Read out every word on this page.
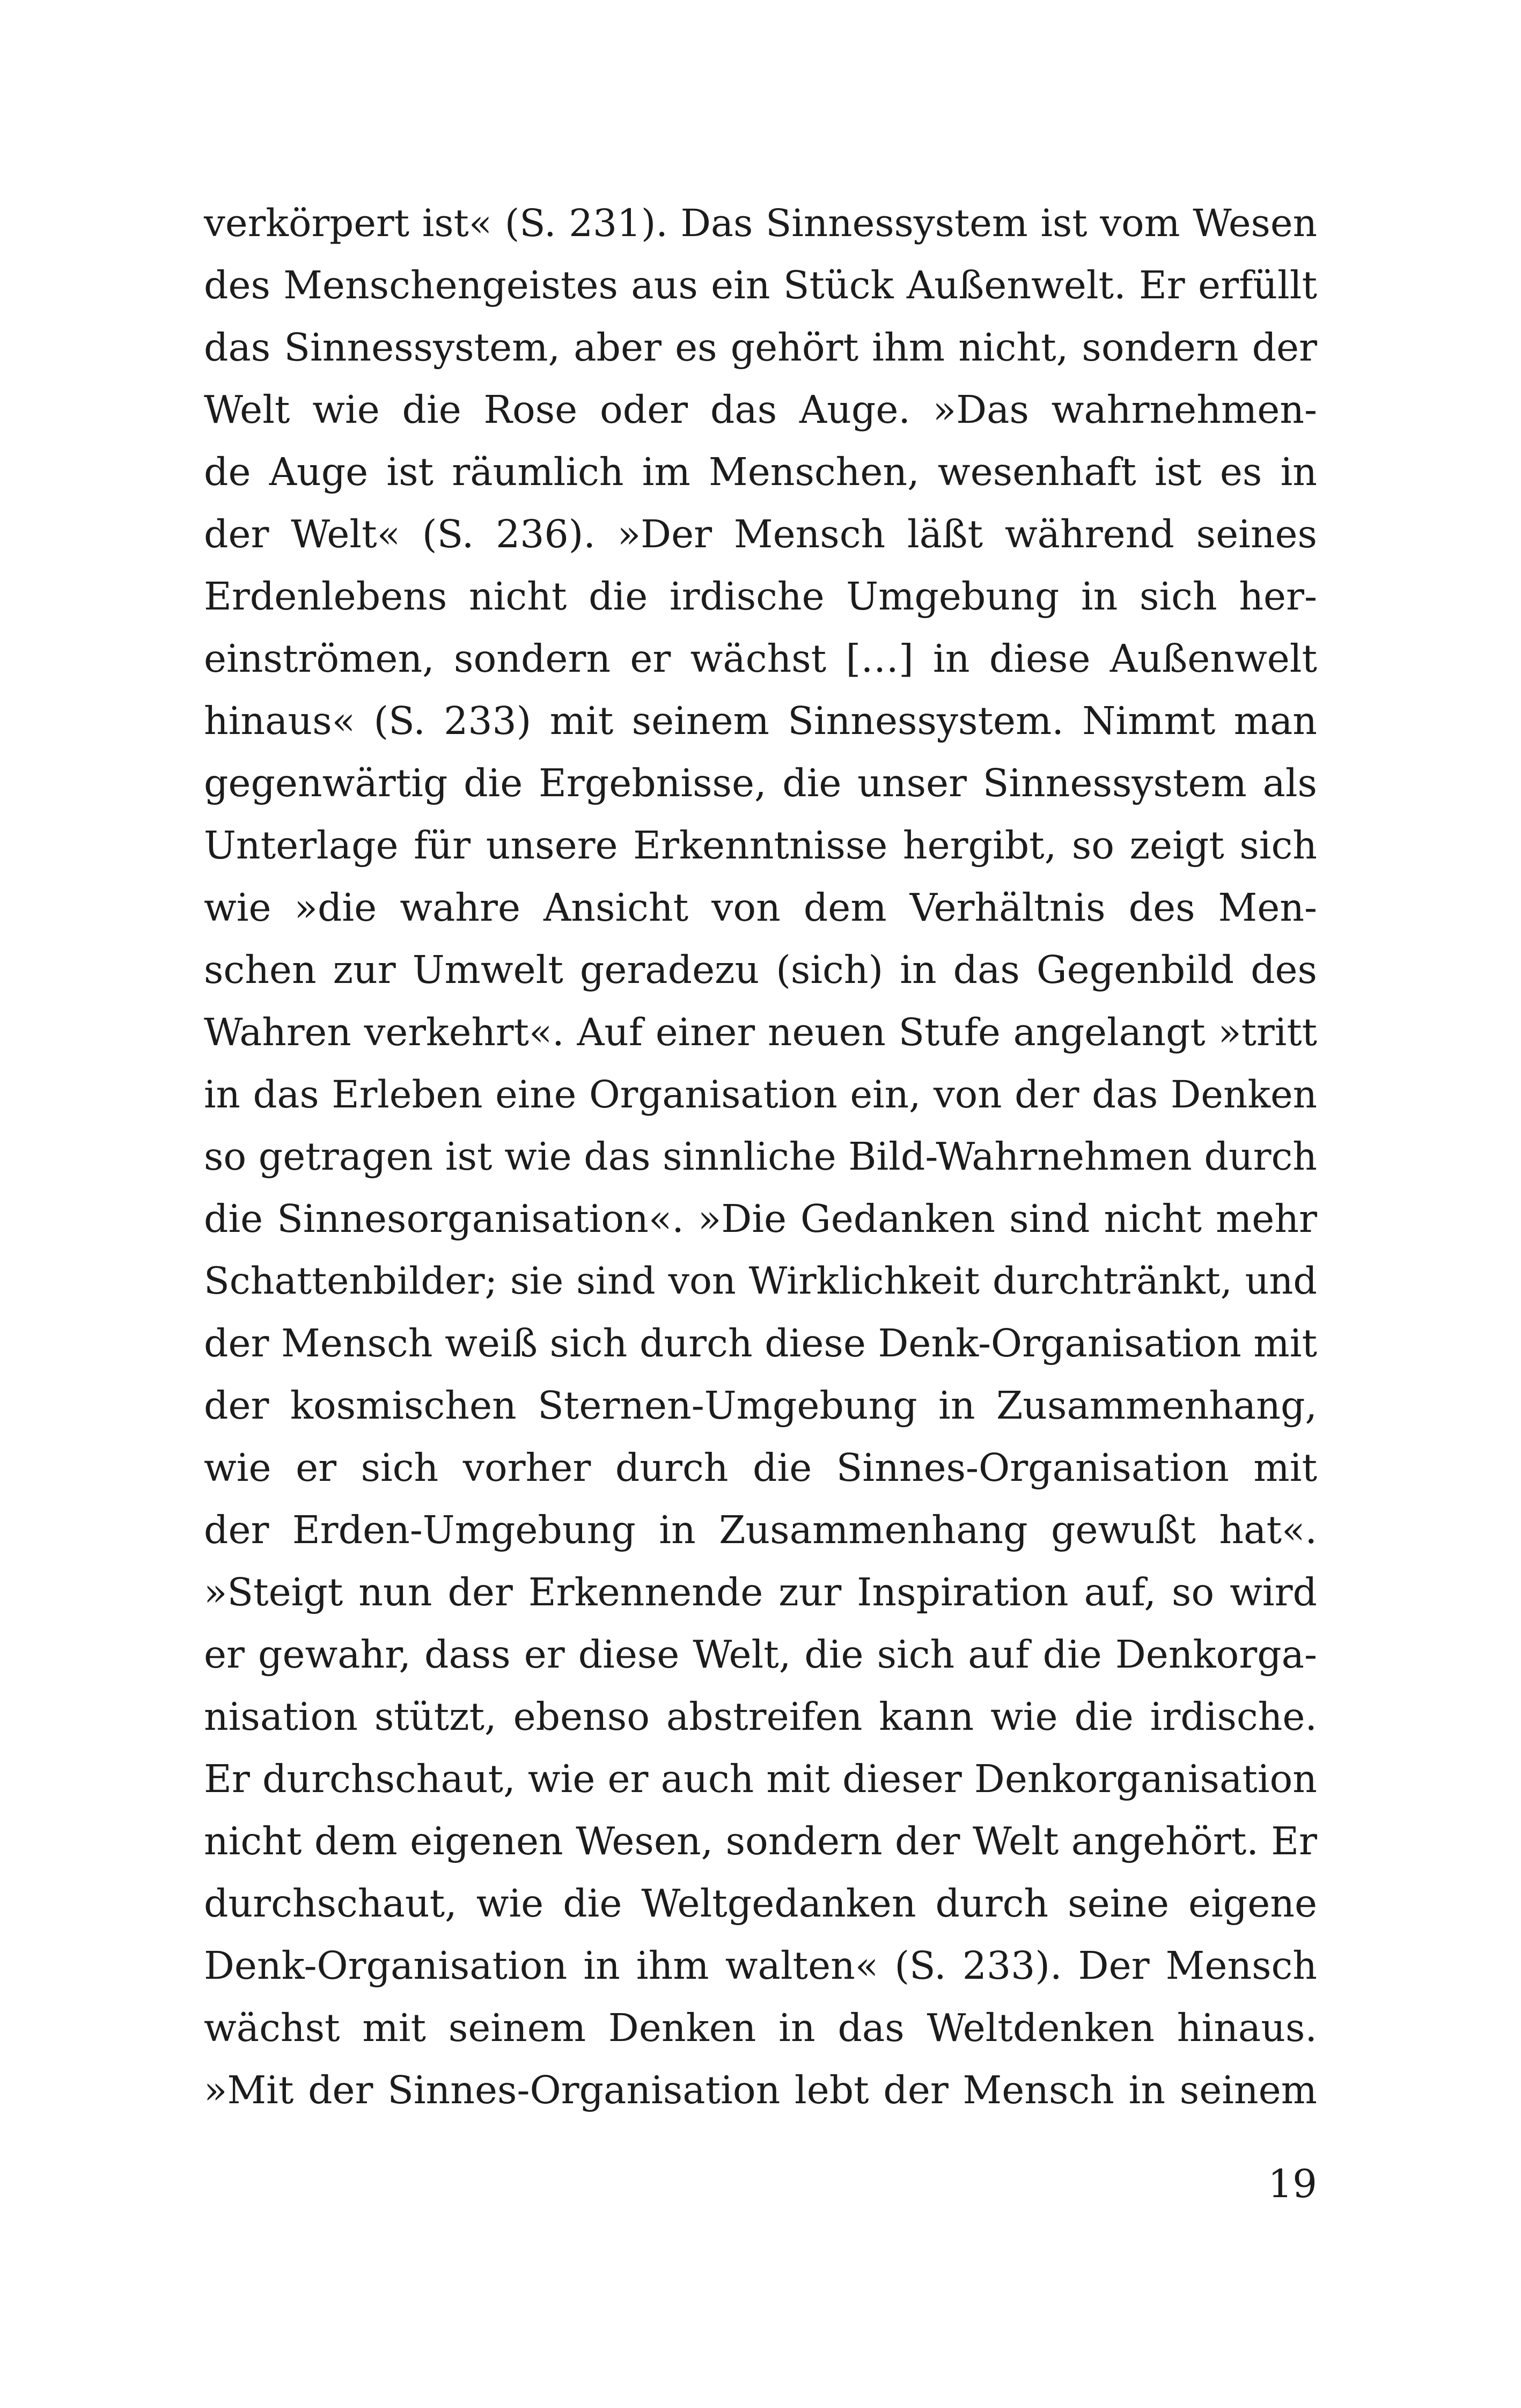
verkörpert ist« (S. 231). Das Sinnessystem ist vom Wesen
des Menschengeistes aus ein Stück Außenwelt. Er erfüllt
das Sinnessystem, aber es gehört ihm nicht, sondern der
Welt wie die Rose oder das Auge. »Das wahrnehmen-
de Auge ist räumlich im Menschen, wesenhaft ist es in
der Welt« (S. 236). »Der Mensch läßt während seines
Erdenlebens nicht die irdische Umgebung in sich her-
einströmen, sondern er wächst […] in diese Außenwelt
hinaus« (S. 233) mit seinem Sinnessystem. Nimmt man
gegenwärtig die Ergebnisse, die unser Sinnessystem als
Unterlage für unsere Erkenntnisse hergibt, so zeigt sich
wie »die wahre Ansicht von dem Verhältnis des Men-
schen zur Umwelt geradezu (sich) in das Gegenbild des
Wahren verkehrt«. Auf einer neuen Stufe angelangt »tritt
in das Erleben eine Organisation ein, von der das Denken
so getragen ist wie das sinnliche Bild-Wahrnehmen durch
die Sinnesorganisation«. »Die Gedanken sind nicht mehr
Schattenbilder; sie sind von Wirklichkeit durchtränkt, und
der Mensch weiß sich durch diese Denk-Organisation mit
der kosmischen Sternen-Umgebung in Zusammenhang,
wie er sich vorher durch die Sinnes-Organisation mit
der Erden-Umgebung in Zusammenhang gewußt hat«.
»Steigt nun der Erkennende zur Inspiration auf, so wird
er gewahr, dass er diese Welt, die sich auf die Denkorga-
nisation stützt, ebenso abstreifen kann wie die irdische.
Er durchschaut, wie er auch mit dieser Denkorganisation
nicht dem eigenen Wesen, sondern der Welt angehört. Er
durchschaut, wie die Weltgedanken durch seine eigene
Denk-Organisation in ihm walten« (S. 233). Der Mensch
wächst mit seinem Denken in das Weltdenken hinaus.
»Mit der Sinnes-Organisation lebt der Mensch in seinem
19
